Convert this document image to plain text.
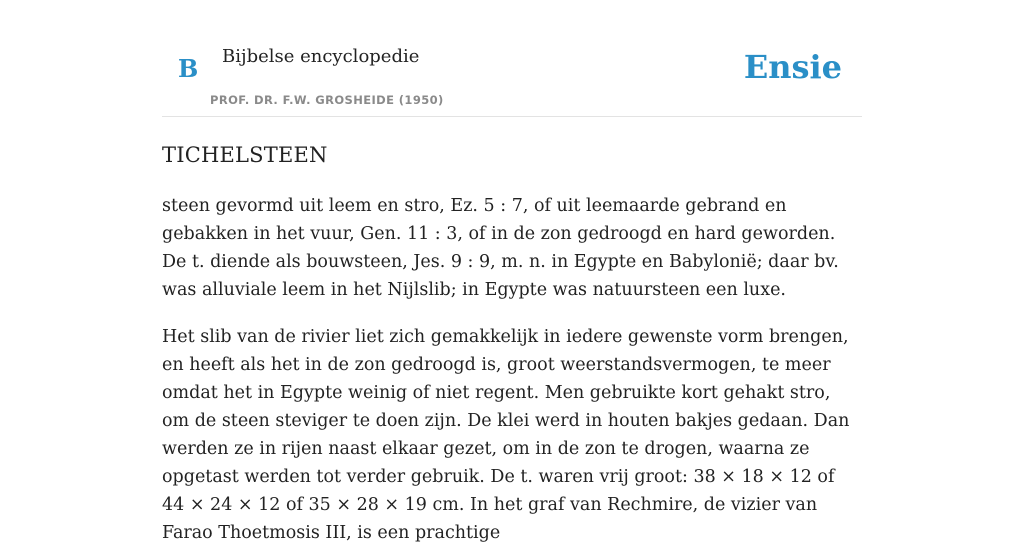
B Bijbelse encyclopedie
PROF. DR. F.W. GROSHEIDE (1950)
Ensie
TICHELSTEEN

steen gevormd uit leem en stro, Ez. 5 : 7, of uit leemaarde gebrand en gebakken in het vuur, Gen. 11 : 3, of in de zon gedroogd en hard geworden. De t. diende als bouwsteen, Jes. 9 : 9, m. n. in Egypte en Babylonië; daar bv. was alluviale leem in het Nijlslib; in Egypte was natuursteen een luxe.

Het slib van de rivier liet zich gemakkelijk in iedere gewenste vorm brengen, en heeft als het in de zon gedroogd is, groot weerstandsvermogen, te meer omdat het in Egypte weinig of niet regent. Men gebruikte kort gehakt stro, om de steen steviger te doen zijn. De klei werd in houten bakjes gedaan. Dan werden ze in rijen naast elkaar gezet, om in de zon te drogen, waarna ze opgetast werden tot verder gebruik. De t. waren vrij groot: 38 × 18 × 12 of 44 × 24 × 12 of 35 × 28 × 19 cm. In het graf van Rechmire, de vizier van Farao Thoetmosis III, is een prachtige
